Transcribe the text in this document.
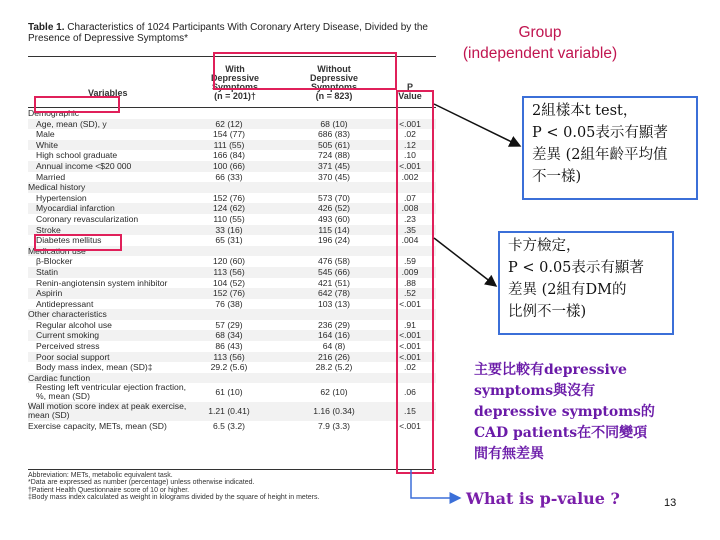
Table 1. Characteristics of 1024 Participants With Coronary Artery Disease, Divided by the Presence of Depressive Symptoms*

Variables
With Depressive
Symptoms
(n = 201)†
Without Depressive
Symptoms
(n = 823)
P
Value
Demographic
Age, mean (SD), y	62 (12)	68 (10)	<.001
Male	154 (77)	686 (83)	.02
White	111 (55)	505 (61)	.12
High school graduate	166 (84)	724 (88)	.10
Annual income <$20 000	100 (66)	371 (45)	<.001
Married	66 (33)	370 (45)	.002
Medical history
Hypertension	152 (76)	573 (70)	.07
Myocardial infarction	124 (62)	426 (52)	.008
Coronary revascularization	110 (55)	493 (60)	.23
Stroke	33 (16)	115 (14)	.35
Diabetes mellitus	65 (31)	196 (24)	.004
Medication use
β-Blocker	120 (60)	476 (58)	.59
Statin	113 (56)	545 (66)	.009
Renin-angiotensin system inhibitor	104 (52)	421 (51)	.88
Aspirin	152 (76)	642 (78)	.52
Antidepressant	76 (38)	103 (13)	<.001
Other characteristics
Regular alcohol use	57 (29)	236 (29)	.91
Current smoking	68 (34)	164 (16)	<.001
Perceived stress	86 (43)	64 (8)	<.001
Poor social support	113 (56)	216 (26)	<.001
Body mass index, mean (SD)‡	29.2 (5.6)	28.2 (5.2)	.02
Cardiac function
Resting left ventricular ejection fraction, %, mean (SD)	61 (10)	62 (10)	.06
Wall motion score index at peak exercise, mean (SD)	1.21 (0.41)	1.16 (0.34)	.15
Exercise capacity, METs, mean (SD)	6.5 (3.2)	7.9 (3.3)	<.001
Abbreviation: METs, metabolic equivalent task.
*Data are expressed as number (percentage) unless otherwise indicated.
†Patient Health Questionnaire score of 10 or higher.
‡Body mass index calculated as weight in kilograms divided by the square of height in meters.
Group
(independent variable)
2組樣本t test，
P < 0.05表示有顯著
差異 (2組年齡平均值
不一樣)
卡方檢定，
P < 0.05表示有顯著
差異 (2組有DM的
比例不一樣)
主要比較有depressive
symptoms與沒有
depressive symptoms的
CAD patients在不同變項
間有無差異
What is p-value ?	13
